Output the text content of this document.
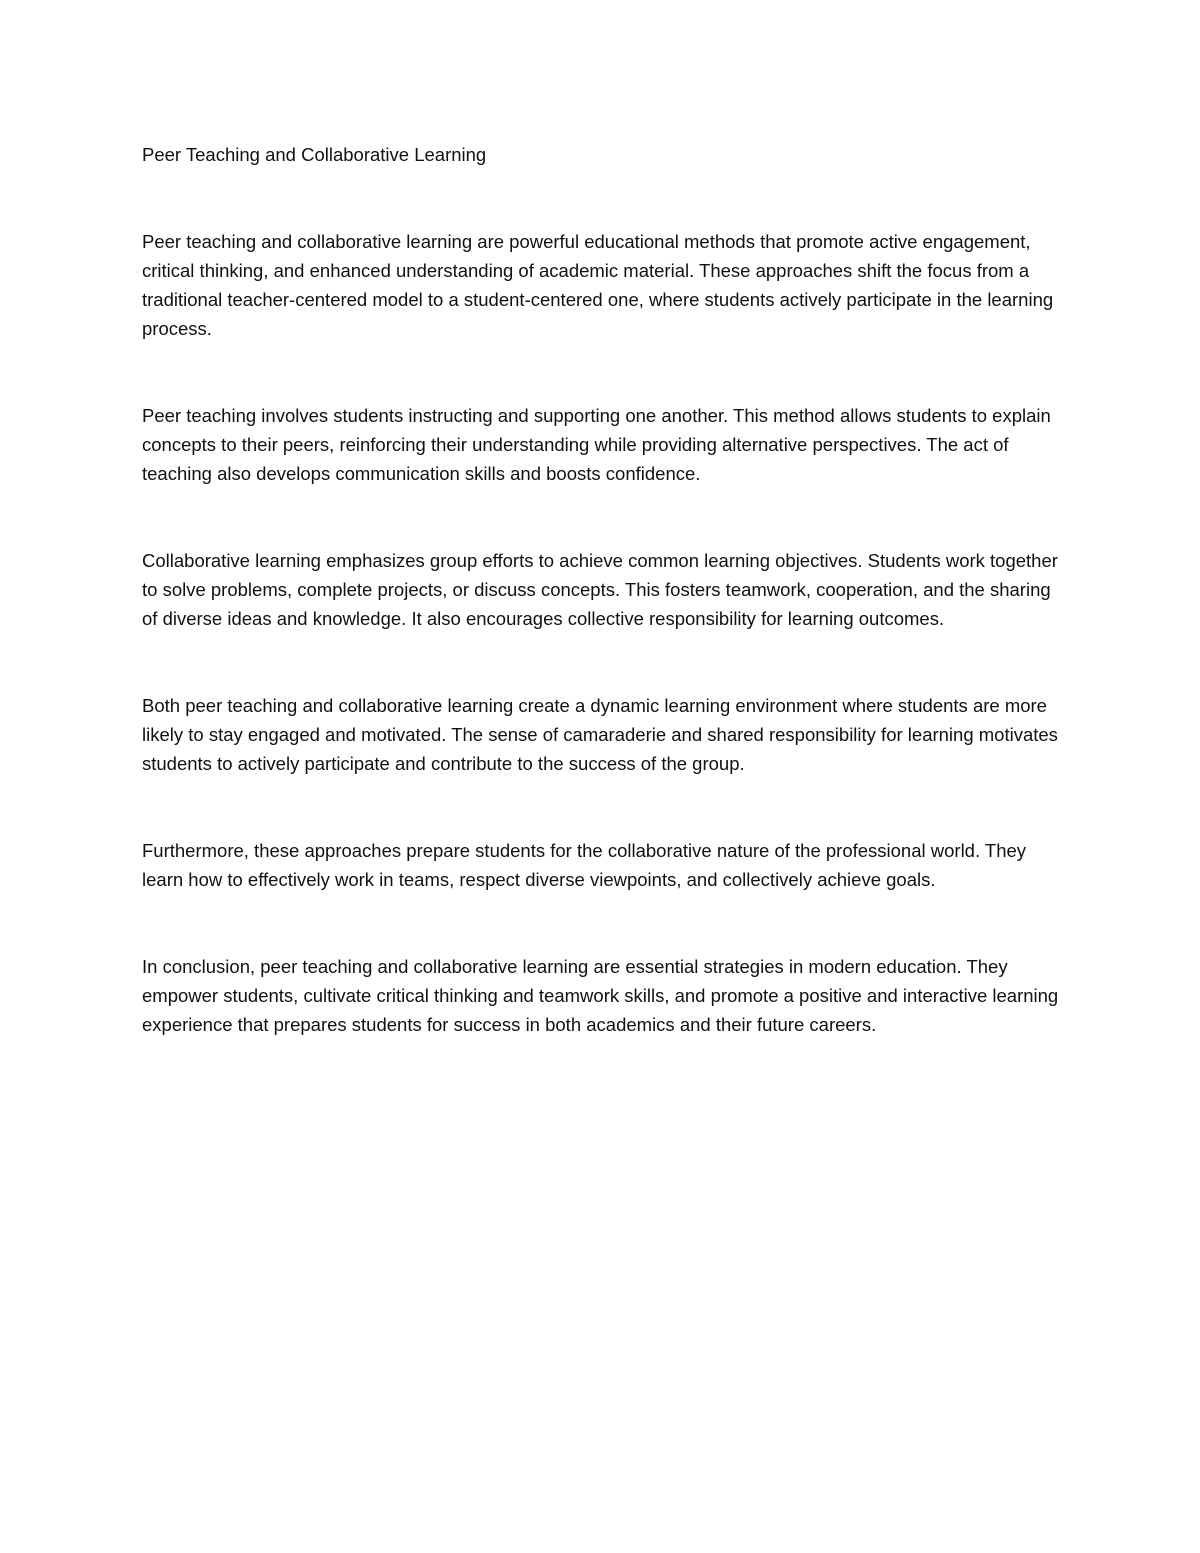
Peer Teaching and Collaborative Learning

Peer teaching and collaborative learning are powerful educational methods that promote active engagement, critical thinking, and enhanced understanding of academic material. These approaches shift the focus from a traditional teacher-centered model to a student-centered one, where students actively participate in the learning process.

Peer teaching involves students instructing and supporting one another. This method allows students to explain concepts to their peers, reinforcing their understanding while providing alternative perspectives. The act of teaching also develops communication skills and boosts confidence.

Collaborative learning emphasizes group efforts to achieve common learning objectives. Students work together to solve problems, complete projects, or discuss concepts. This fosters teamwork, cooperation, and the sharing of diverse ideas and knowledge. It also encourages collective responsibility for learning outcomes.

Both peer teaching and collaborative learning create a dynamic learning environment where students are more likely to stay engaged and motivated. The sense of camaraderie and shared responsibility for learning motivates students to actively participate and contribute to the success of the group.

Furthermore, these approaches prepare students for the collaborative nature of the professional world. They learn how to effectively work in teams, respect diverse viewpoints, and collectively achieve goals.

In conclusion, peer teaching and collaborative learning are essential strategies in modern education. They empower students, cultivate critical thinking and teamwork skills, and promote a positive and interactive learning experience that prepares students for success in both academics and their future careers.
